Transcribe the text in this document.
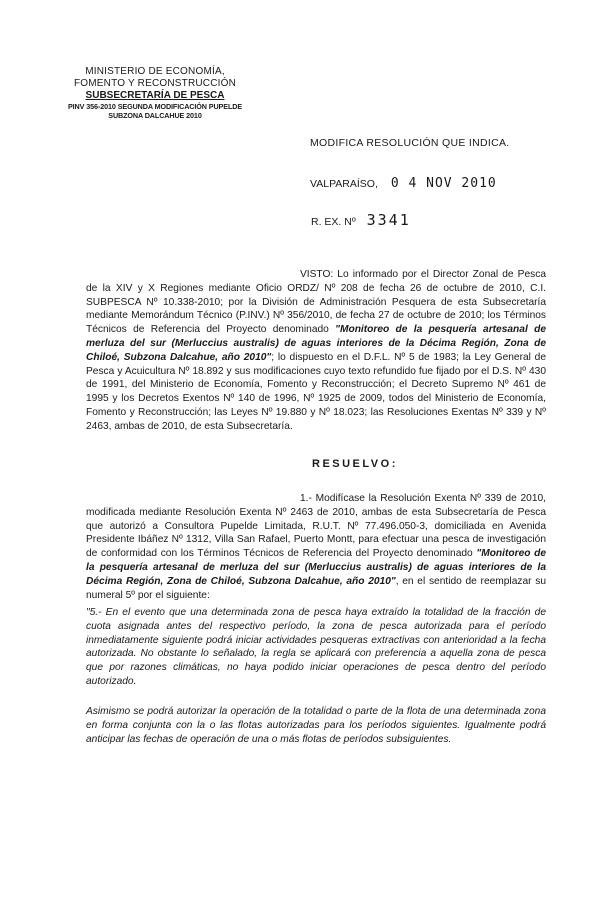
MINISTERIO DE ECONOMÍA,
FOMENTO Y RECONSTRUCCIÓN
SUBSECRETARÍA DE PESCA
PINV 356-2010 SEGUNDA MODIFICACIÓN PUPELDE
SUBZONA DALCAHUE 2010
MODIFICA RESOLUCIÓN QUE INDICA.
VALPARAÍSO, 0 4 NOV 2010
R. EX. Nº 3341
VISTO: Lo informado por el Director Zonal de Pesca de la XIV y X Regiones mediante Oficio ORDZ/ Nº 208 de fecha 26 de octubre de 2010, C.I. SUBPESCA Nº 10.338-2010; por la División de Administración Pesquera de esta Subsecretaría mediante Memorándum Técnico (P.INV.) Nº 356/2010, de fecha 27 de octubre de 2010; los Términos Técnicos de Referencia del Proyecto denominado "Monitoreo de la pesquería artesanal de merluza del sur (Merluccius australis) de aguas interiores de la Décima Región, Zona de Chiloé, Subzona Dalcahue, año 2010"; lo dispuesto en el D.F.L. Nº 5 de 1983; la Ley General de Pesca y Acuicultura Nº 18.892 y sus modificaciones cuyo texto refundido fue fijado por el D.S. Nº 430 de 1991, del Ministerio de Economía, Fomento y Reconstrucción; el Decreto Supremo Nº 461 de 1995 y los Decretos Exentos Nº 140 de 1996, Nº 1925 de 2009, todos del Ministerio de Economía, Fomento y Reconstrucción; las Leyes Nº 19.880 y Nº 18.023; las Resoluciones Exentas Nº 339 y Nº 2463, ambas de 2010, de esta Subsecretaría.
RESUELVO:
1.- Modifícase la Resolución Exenta Nº 339 de 2010, modificada mediante Resolución Exenta Nº 2463 de 2010, ambas de esta Subsecretaría de Pesca que autorizó a Consultora Pupelde Limitada, R.U.T. Nº 77.496.050-3, domiciliada en Avenida Presidente Ibáñez Nº 1312, Villa San Rafael, Puerto Montt, para efectuar una pesca de investigación de conformidad con los Términos Técnicos de Referencia del Proyecto denominado "Monitoreo de la pesquería artesanal de merluza del sur (Merluccius australis) de aguas interiores de la Décima Región, Zona de Chiloé, Subzona Dalcahue, año 2010", en el sentido de reemplazar su numeral 5º por el siguiente:
"5.- En el evento que una determinada zona de pesca haya extraído la totalidad de la fracción de cuota asignada antes del respectivo período, la zona de pesca autorizada para el período inmediatamente siguiente podrá iniciar actividades pesqueras extractivas con anterioridad a la fecha autorizada. No obstante lo señalado, la regla se aplicará con preferencia a aquella zona de pesca que por razones climáticas, no haya podido iniciar operaciones de pesca dentro del período autorizado.
Asimismo se podrá autorizar la operación de la totalidad o parte de la flota de una determinada zona en forma conjunta con la o las flotas autorizadas para los períodos siguientes. Igualmente podrá anticipar las fechas de operación de una o más flotas de períodos subsiguientes.
